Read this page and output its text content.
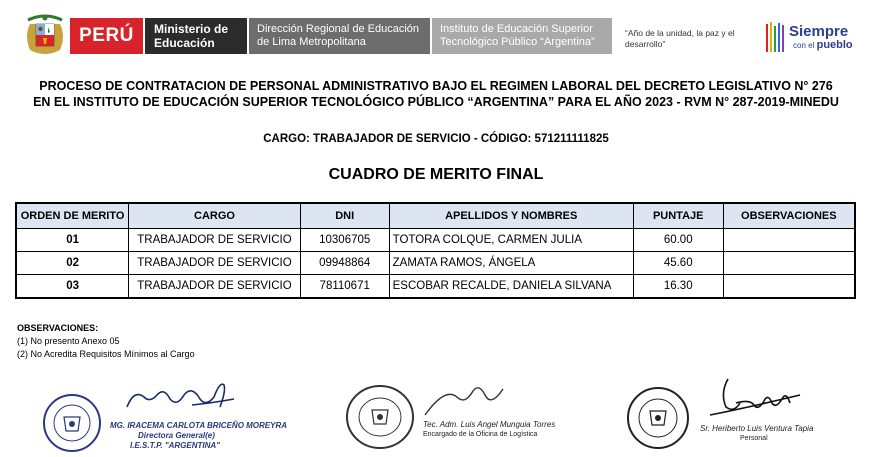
PERÚ	Ministerio de
Educación
Dirección Regional de Educación
de Lima Metropolitana
Instituto de Educación Superior
Tecnológico Público “Argentina”
“Año de la unidad, la paz y el
desarrollo”
Siempre
con el pueblo
PROCESO DE CONTRATACION DE PERSONAL ADMINISTRATIVO BAJO EL REGIMEN LABORAL DEL DECRETO LEGISLATIVO N° 276
EN EL INSTITUTO DE EDUCACIÓN SUPERIOR TECNOLÓGICO PÚBLICO “ARGENTINA” PARA EL AÑO 2023 - RVM N° 287-2019-MINEDU
CARGO: TRABAJADOR DE SERVICIO - CÓDIGO: 571211111825
CUADRO DE MERITO FINAL
ORDEN DE MERITO	CARGO	DNI	APELLIDOS Y NOMBRES	PUNTAJE	OBSERVACIONES
01	TRABAJADOR DE SERVICIO	10306705	TOTORA COLQUE, CARMEN JULIA	60.00	
02	TRABAJADOR DE SERVICIO	09948864	ZAMATA RAMOS, ÁNGELA	45.60	
03	TRABAJADOR DE SERVICIO	78110671	ESCOBAR RECALDE, DANIELA SILVANA	16.30	
OBSERVACIONES:
(1) No presento Anexo 05
(2) No Acredita Requisitos Mínimos al Cargo
MG. IRACEMA CARLOTA BRICEÑO MOREYRA
Directora General(e)
I.E.S.T.P. "ARGENTINA"
Tec. Adm. Luis Angel Munguia Torres
Encargado de la Oficina de Logística
Sr. Heriberto Luis Ventura Tapia
Personal
